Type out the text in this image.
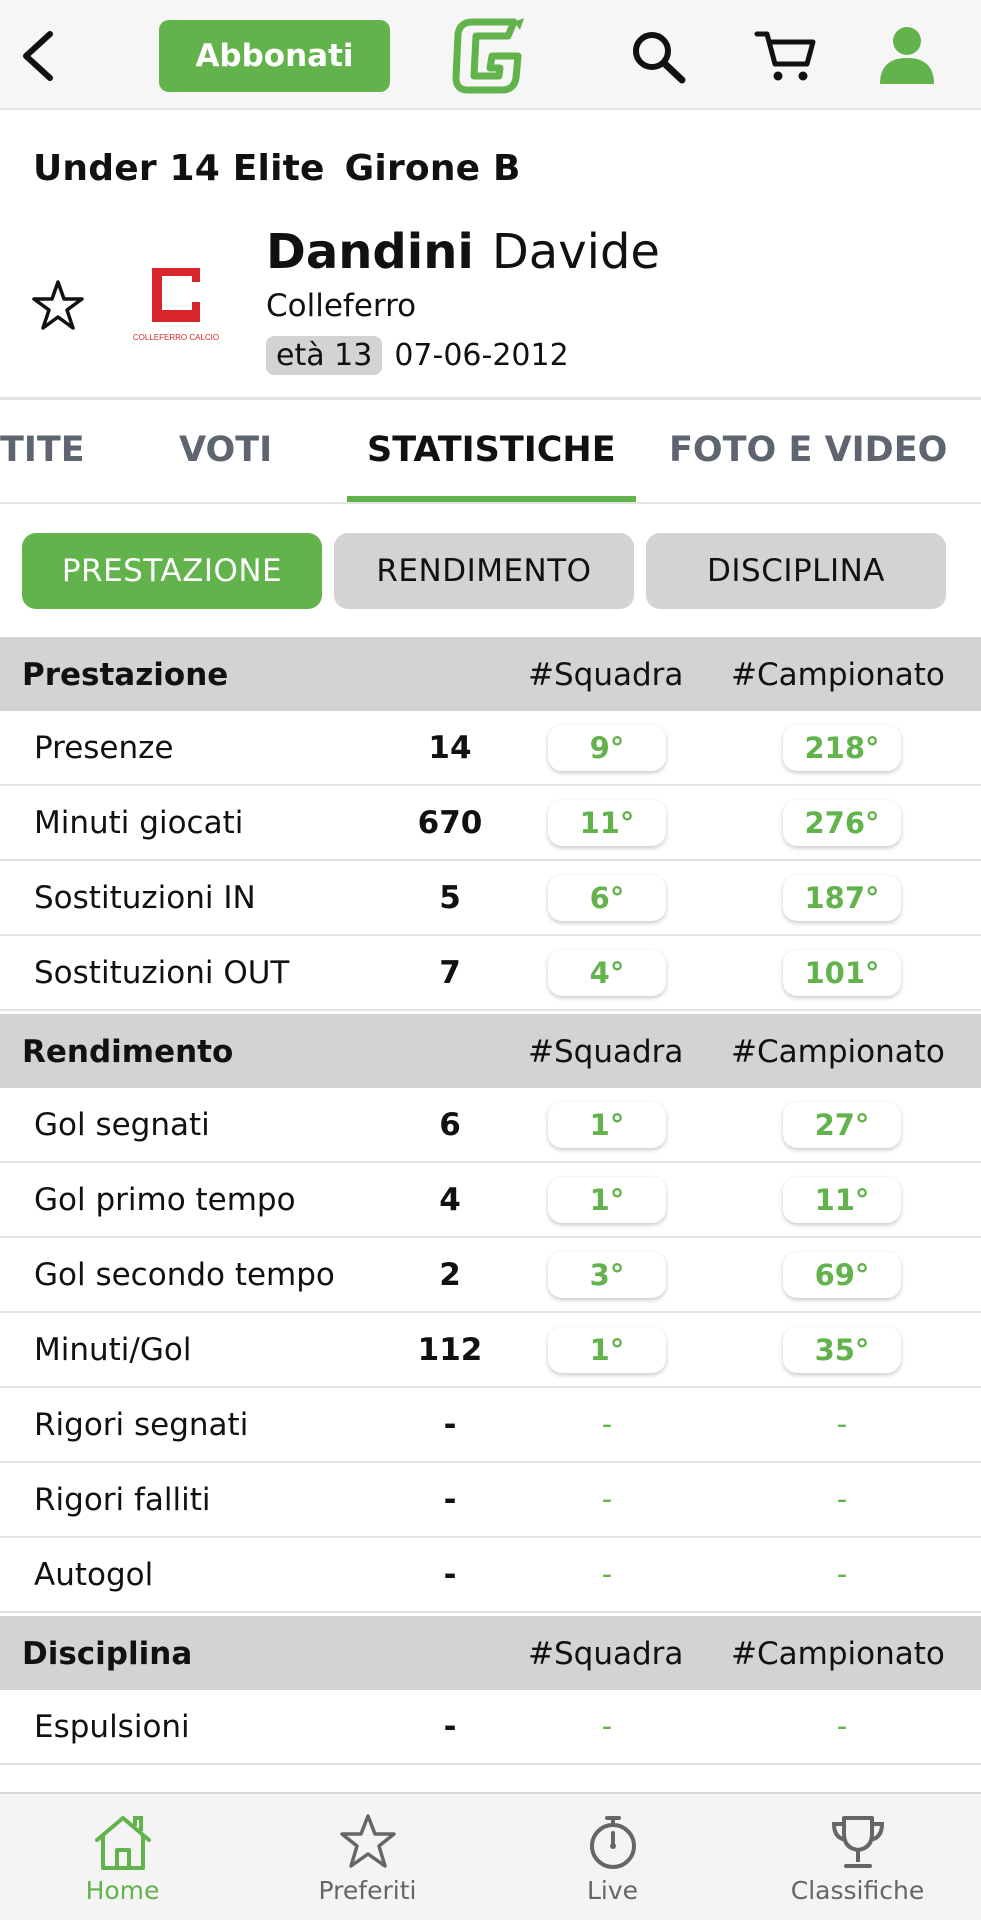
Abbonati
Under 14 Elite Girone B
COLLEFERRO CALCIO
Dandini Davide
Colleferro
età 13 07-06-2012
TITE	VOTI	STATISTICHE FOTO E VIDEO
PRESTAZIONE	RENDIMENTO	DISCIPLINA
Prestazione	#Squadra #Campionato
Presenze	14	9°	218°
Minuti giocati	670	11°	276°
Sostituzioni IN	5	6°	187°
Sostituzioni OUT	7	4°	101°
Rendimento	#Squadra #Campionato
Gol segnati	6	1°	27°
Gol primo tempo	4	1°	11°
Gol secondo tempo	2	3°	69°
Minuti/Gol	112	1°	35°
Rigori segnati	-	-	-
Rigori falliti	-	-	-
Autogol	-	-	-
Disciplina	#Squadra #Campionato
Espulsioni	-	-	-
Home	Preferiti	Live	Classifiche
